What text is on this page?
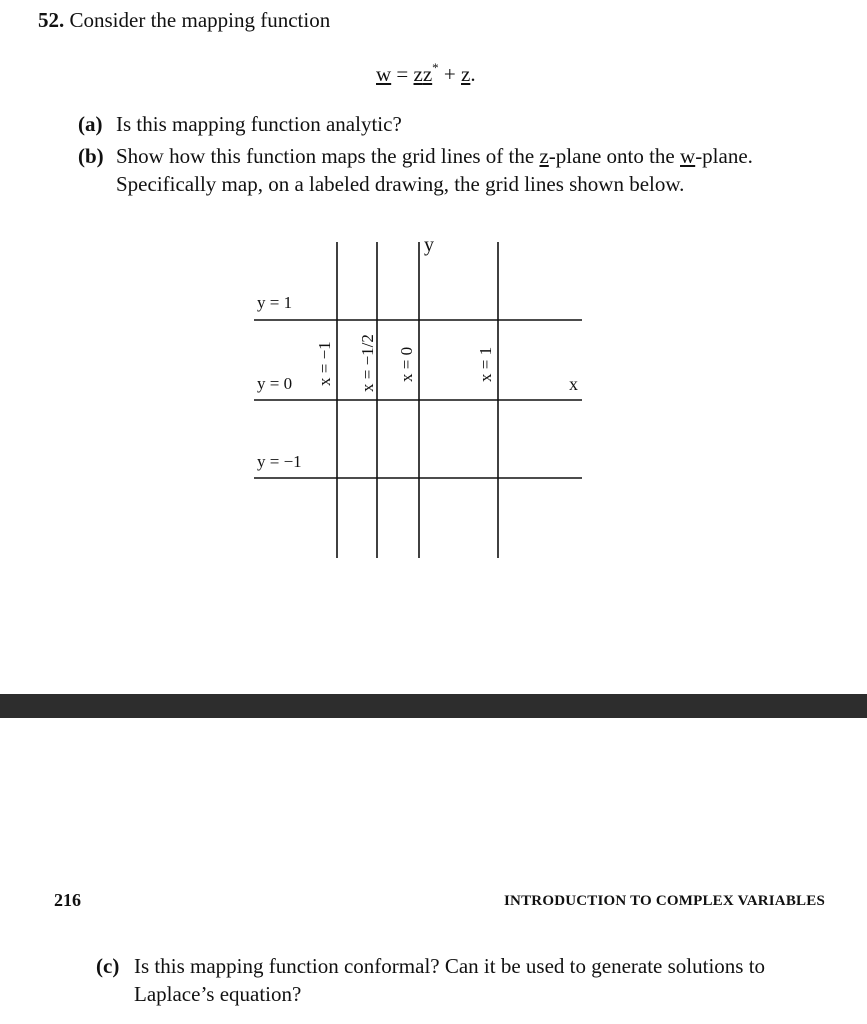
52. Consider the mapping function
w = zz* + z.
(a) Is this mapping function analytic?
(b) Show how this function maps the grid lines of the z-plane onto the w-plane.
Specifically map, on a labeled drawing, the grid lines shown below.
y
x
y = 1
y = 0
y = −1
x = −1 x = −1/2 x = 0	x = 1
216	INTRODUCTION TO COMPLEX VARIABLES
(c) Is this mapping function conformal? Can it be used to generate solutions to
Laplace’s equation?
